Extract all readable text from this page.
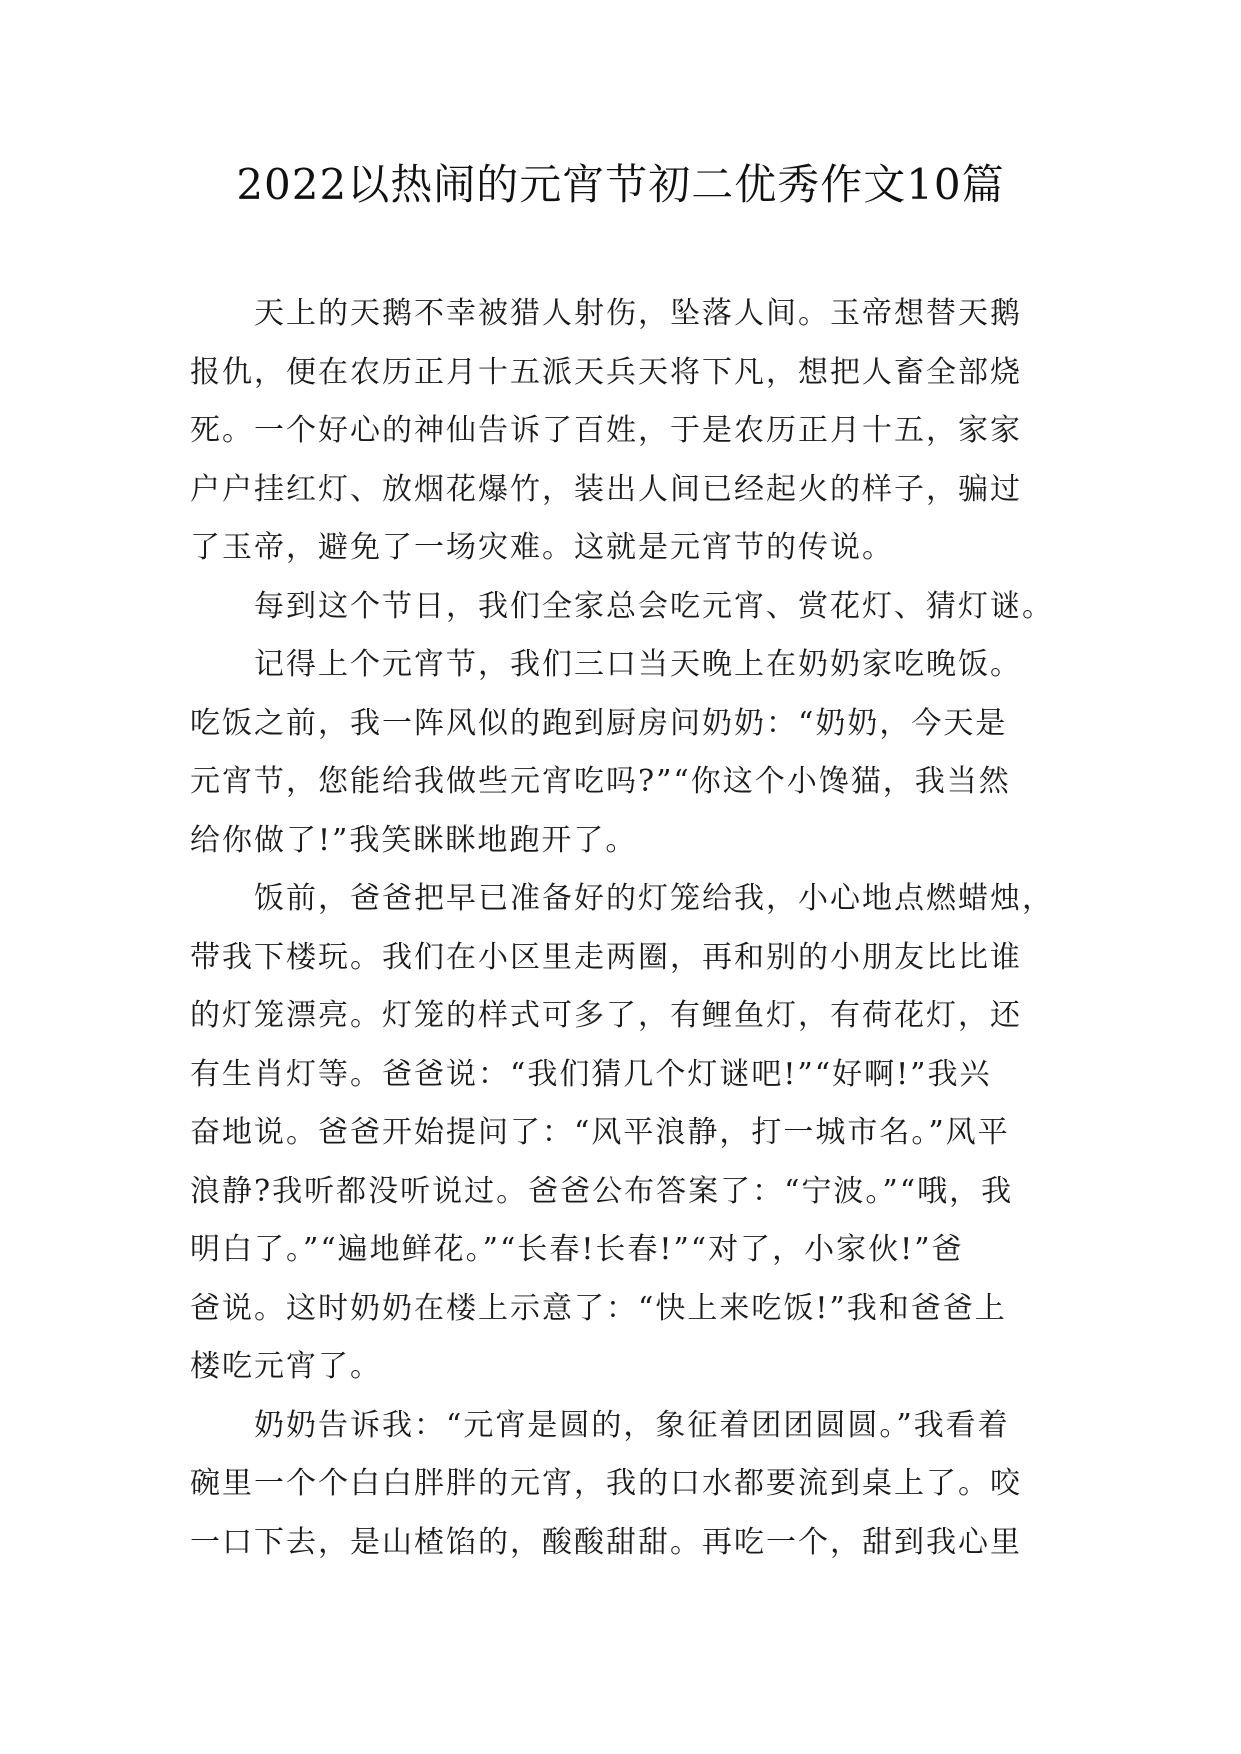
2022以热闹的元宵节初二优秀作文10篇
天上的天鹅不幸被猎人射伤，坠落人间。玉帝想替天鹅
报仇，便在农历正月十五派天兵天将下凡，想把人畜全部烧
死。一个好心的神仙告诉了百姓，于是农历正月十五，家家
户户挂红灯、放烟花爆竹，装出人间已经起火的样子，骗过
了玉帝，避免了一场灾难。这就是元宵节的传说。
每到这个节日，我们全家总会吃元宵、赏花灯、猜灯谜。
记得上个元宵节，我们三口当天晚上在奶奶家吃晚饭。
吃饭之前，我一阵风似的跑到厨房问奶奶：“奶奶，今天是
元宵节，您能给我做些元宵吃吗?”“你这个小馋猫，我当然
给你做了!”我笑眯眯地跑开了。
饭前，爸爸把早已准备好的灯笼给我，小心地点燃蜡烛，
带我下楼玩。我们在小区里走两圈，再和别的小朋友比比谁
的灯笼漂亮。灯笼的样式可多了，有鲤鱼灯，有荷花灯，还
有生肖灯等。爸爸说：“我们猜几个灯谜吧!”“好啊!”我兴
奋地说。爸爸开始提问了：“风平浪静，打一城市名。”风平
浪静?我听都没听说过。爸爸公布答案了：“宁波。”“哦，我
明白了。”“遍地鲜花。”“长春!长春!”“对了，小家伙!”爸
爸说。这时奶奶在楼上示意了：“快上来吃饭!”我和爸爸上
楼吃元宵了。
奶奶告诉我：“元宵是圆的，象征着团团圆圆。”我看着
碗里一个个白白胖胖的元宵，我的口水都要流到桌上了。咬
一口下去，是山楂馅的，酸酸甜甜。再吃一个，甜到我心里
